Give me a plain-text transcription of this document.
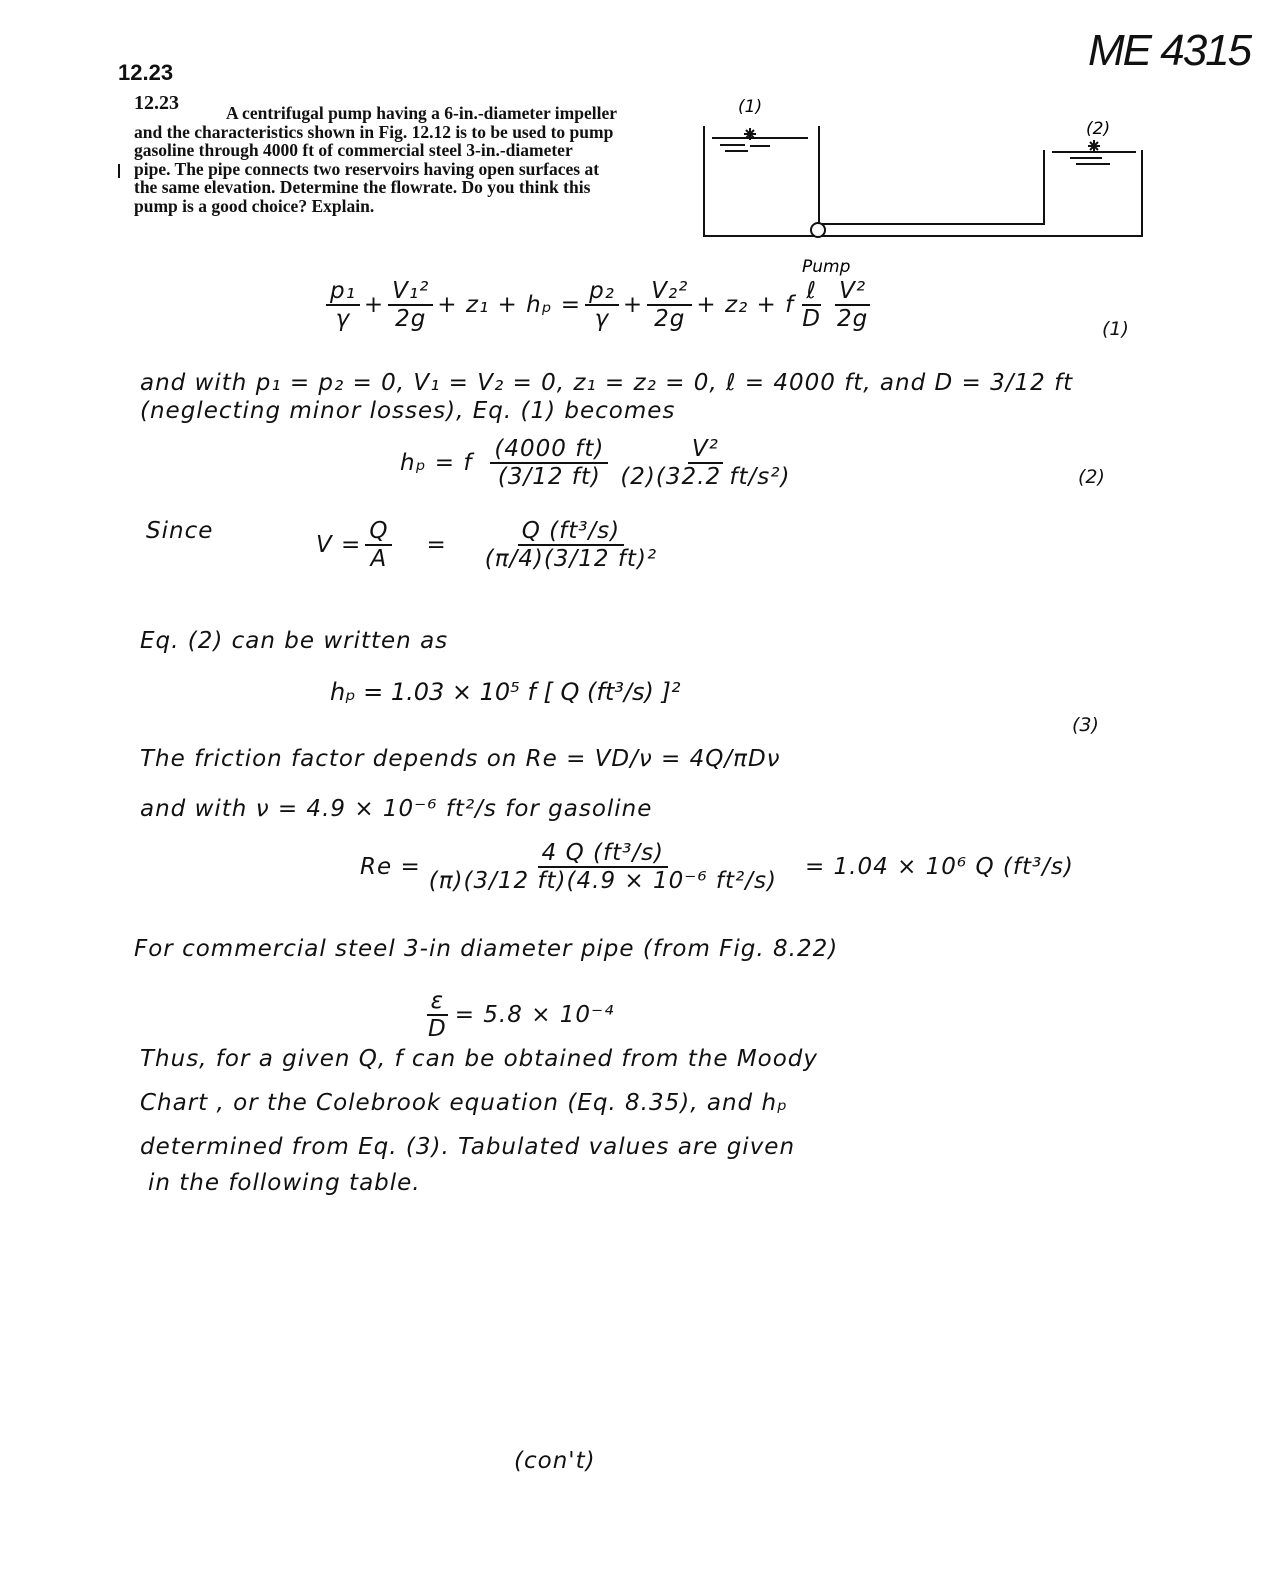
ME 4315
12.23
12.23	A centrifugal pump having a 6-in.-diameter impeller
and the characteristics shown in Fig. 12.12 is to be used to pump
gasoline through 4000 ft of commercial steel 3-in.-diameter
pipe. The pipe connects two reservoirs having open surfaces at
the same elevation. Determine the flowrate. Do you think this
pump is a good choice? Explain.
(1)
(2)
Pump
$\frac{\text{p₁}}{\gamma} + \frac{\text{V₁²}}{2g} + z_1 + h_p = \frac{\text{p₂}}{\gamma} + \frac{\text{V₂²}}{2g} + z_2 + f \frac{\text{ℓ}}{D} \frac{\text{V²}}{2g}$	(1)
and with p₁ = p₂ = 0, V₁ = V₂ = 0, z₁ = z₂ = 0, ℓ = 4000 ft, and D = 3/12 ft
(neglecting minor losses), Eq. (1) becomes
hₚ = f $\frac{(4000 ft)}{(3/12 ft)} \frac{\text{V²}}{\text{(2)(32.2 ft/s²)}}$	(2)
Since
$V = \frac{Q}{A} = \frac{\text{Q (ft³/s)}}{\text{(π/4)(3/12 ft)²}}$
Eq. (2) can be written as
hₚ = 1.03 × 10⁵ f [ Q (ft³/s) ]²
(3)
The friction factor depends on Re = VD/ν = 4Q/πDν
and with ν = 4.9 × 10⁻⁶ ft²/s for gasoline
$Re = \frac{\text{4 Q (ft³/s)}}{\text{(π)(3/12 ft)(4.9 × 10⁻⁶ ft²/s)}} = 1.04 \times 10^6$ Q (ft³/s)
For commercial steel 3-in diameter pipe (from Fig. 8.22)
$\frac{\varepsilon}{D} = 5.8 \times 10^{-4}$
Thus, for a given Q, f can be obtained from the Moody
Chart , or the Colebrook equation (Eq. 8.35), and hₚ
determined from Eq. (3). Tabulated values are given
in the following table.
(con't)
